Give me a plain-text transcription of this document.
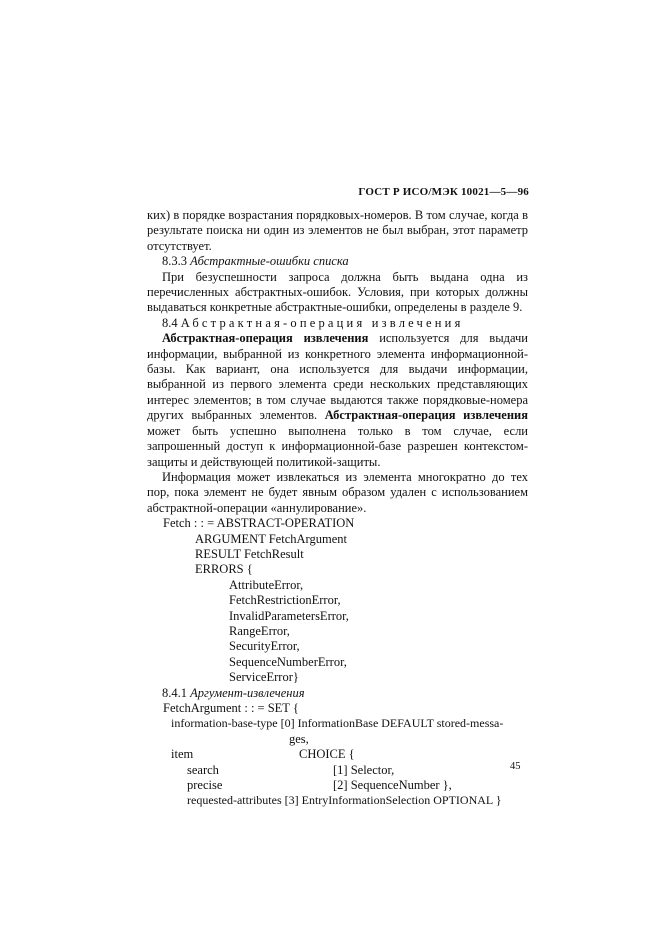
ГОСТ Р ИСО/МЭК 10021—5—96

ких) в порядке возрастания порядковых-номеров. В том случае, когда в результате поиска ни один из элементов не был выбран, этот параметр отсутствует.

8.3.3 Абстрактные-ошибки списка

При безуспешности запроса должна быть выдана одна из перечисленных абстрактных-ошибок. Условия, при которых должны выдаваться конкретные абстрактные-ошибки, определены в разделе 9.

8.4 Абстрактная-операция извлечения

Абстрактная-операция извлечения используется для выдачи информации, выбранной из конкретного элемента информационной-базы. Как вариант, она используется для выдачи информации, выбранной из первого элемента среди нескольких представляющих интерес элементов; в том случае выдаются также порядковые-номера других выбранных элементов. Абстрактная-операция извлечения может быть успешно выполнена только в том случае, если запрошенный доступ к информационной-базе разрешен контекстом-защиты и действующей политикой-защиты.

Информация может извлекаться из элемента многократно до тех пор, пока элемент не будет явным образом удален с использованием абстрактной-операции «аннулирование».

Fetch : : = ABSTRACT-OPERATION

ARGUMENT FetchArgument

RESULT FetchResult

ERRORS {

AttributeError,

FetchRestrictionError,

InvalidParametersError,

RangeError,

SecurityError,

SequenceNumberError,

ServiceError}

8.4.1 Аргумент-извлечения

FetchArgument : : = SET {

information-base-type [0] InformationBase DEFAULT stored-messa-

ges,

item	CHOICE {

search	[1] Selector,

precise	[2] SequenceNumber },

requested-attributes [3] EntryInformationSelection OPTIONAL }

45
